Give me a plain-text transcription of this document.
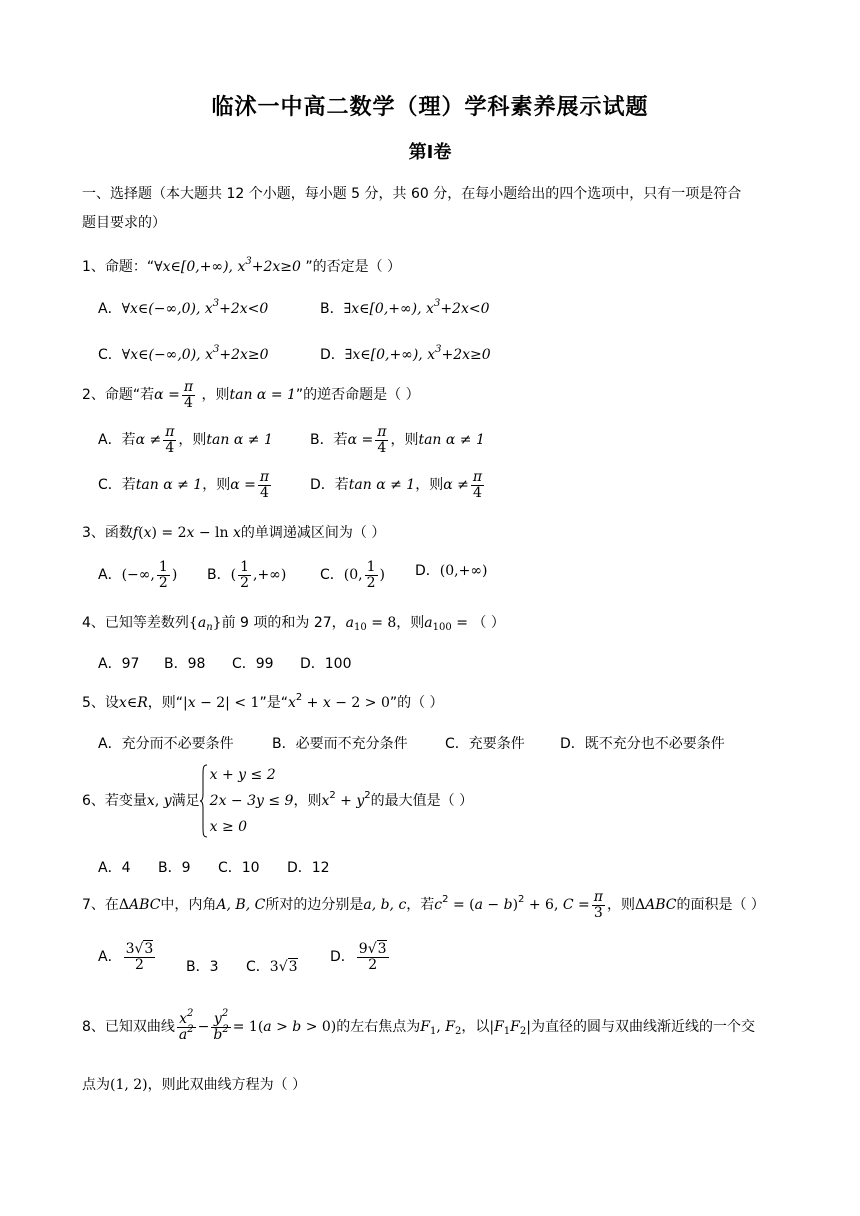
临沭一中高二数学（理）学科素养展示试题
第Ⅰ卷
一、选择题（本大题共 12 个小题，每小题 5 分，共 60 分，在每小题给出的四个选项中，只有一项是符合
题目要求的）
1、命题：“∀x∈[0,+∞), $x^3+2x\ge 0$ ”的否定是（ ）
A．∀x∈(−∞,0), $x^3+2x<0$	B．∃x∈[0,+∞), $x^3+2x<0$
C．∀x∈(−∞,0), $x^3+2x\ge 0$	D．∃x∈[0,+∞), $x^3+2x\ge 0$
2、命题“若$\alpha = \frac{\pi}{4}$ ，则tan α = 1”的逆否命题是（ ）
A．若$\alpha \ne \frac{\pi}{4}$ ，则tan α ≠ 1	B．若$\alpha = \frac{\pi}{4}$ ，则tan α ≠ 1
C．若tan α ≠ 1，则$\alpha = \frac{\pi}{4}$	D．若tan α ≠ 1，则$\alpha \ne \frac{\pi}{4}$
3、函数f(x) = 2x − ln x的单调递减区间为（ ）
A．(−∞, $\frac{1}{2}$ ) B．( $\frac{1}{2}$ ,+∞) C．(0, $\frac{1}{2}$ ) D．(0,+∞)
4、已知等差数列$\{a_n\}$前 9 项的和为 27，$a_{10} = 8$，则$a_{100}$ = （ ）
A．97 B．98 C．99 D．100
5、设x∈R，则“|x − 2| < 1”是“$x^2 + x - 2 > 0$”的（ ）
A．充分而不必要条件	B．必要而不充分条件	C．充要条件	D．既不充分也不必要条件
6、若变量x, y满足
x + y ≤ 2
2x − 3y ≤ 9
x ≥ 0
，则$x^2 + y^2$的最大值是（ ）
A．4 B．9 C．10 D．12
7、在ΔABC中，内角A, B, C所对的边分别是a, b, c，若$c^2 = (a - b)^2 + 6$, $C = \frac{\pi}{3}$ ，则ΔABC的面积是（ ）
A． $\frac{3√3}{2}$ B．3 C．3√3
D． $\frac{9√3}{2}$
8、已知双曲线 $\frac{x^2}{a^2} - \frac{y^2}{b^2} = 1(a > b > 0)$的左右焦点为$F_1$, $F_2$，以$|F_1F_2|$为直径的圆与双曲线渐近线的一个交
点为(1, 2)，则此双曲线方程为（ ）
